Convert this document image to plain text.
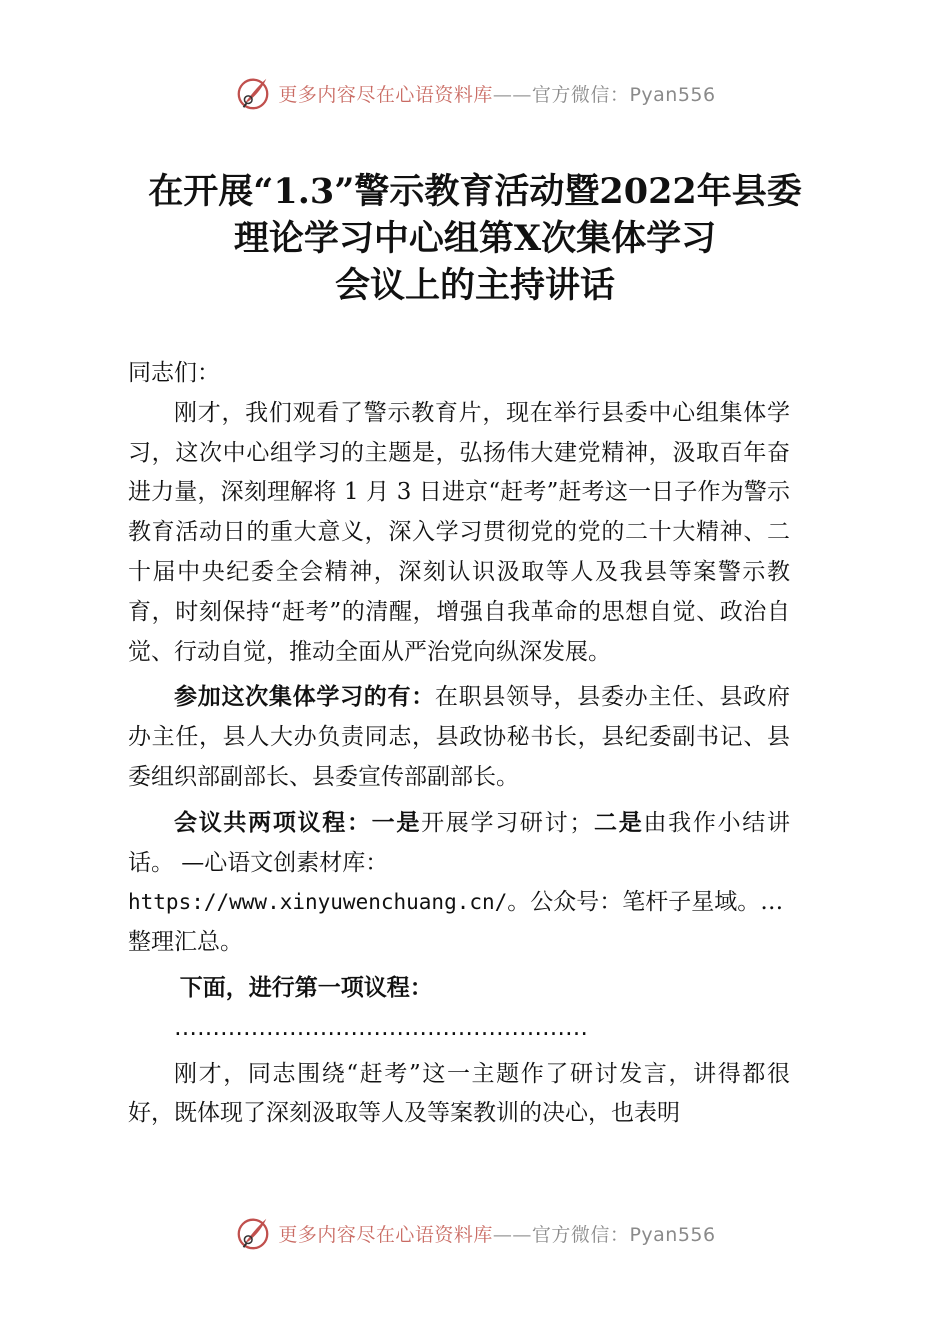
更多内容尽在心语资料库——官方微信：Pyan556
在开展“1.3”警示教育活动暨2022年县委
理论学习中心组第X次集体学习
会议上的主持讲话

同志们：

刚才，我们观看了警示教育片，现在举行县委中心组集体学习，这次中心组学习的主题是，弘扬伟大建党精神，汲取百年奋进力量，深刻理解将 1 月 3 日进京“赶考”赶考这一日子作为警示教育活动日的重大意义，深入学习贯彻党的党的二十大精神、二十届中央纪委全会精神，深刻认识汲取等人及我县等案警示教育，时刻保持“赶考”的清醒，增强自我革命的思想自觉、政治自觉、行动自觉，推动全面从严治党向纵深发展。

参加这次集体学习的有：在职县领导，县委办主任、县政府办主任，县人大办负责同志，县政协秘书长，县纪委副书记、县委组织部副部长、县委宣传部副部长。

会议共两项议程：一是开展学习研讨；二是由我作小结讲话。 —心语文创素材库：
https://www.xinyuwenchuang.cn/。公众号：笔杆子星域。…
整理汇总。

下面，进行第一项议程：

………………………………………………

刚才，同志围绕“赶考”这一主题作了研讨发言，讲得都很好，既体现了深刻汲取等人及等案教训的决心，也表明

更多内容尽在心语资料库——官方微信：Pyan556
